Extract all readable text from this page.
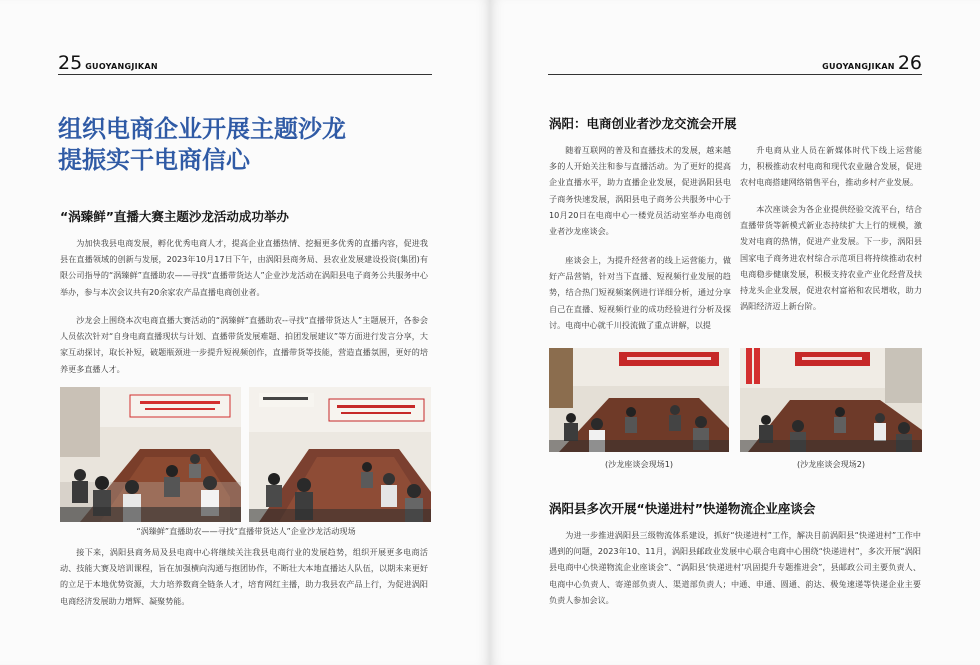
25 GUOYANGJIKAN
组织电商企业开展主题沙龙
提振实干电商信心

“涡臻鲜”直播大赛主题沙龙活动成功举办

为加快我县电商发展，孵化优秀电商人才，提高企业直播热情、挖掘更多优秀的直播内容，促进我县在直播领域的创新与发展，2023年10月17日下午，由涡阳县商务局、县农业发展建设投资(集团)有限公司指导的“涡臻鲜”直播助农——寻找“直播带货达人”企业沙龙活动在涡阳县电子商务公共服务中心举办，参与本次会议共有20余家农产品直播电商创业者。

沙龙会上围绕本次电商直播大赛活动的“涡臻鲜”直播助农--寻找“直播带货达人”主题展开，各参会人员依次针对“自身电商直播现状与计划、直播带货发展难题、拍团发展建议”等方面进行发言分享，大家互动探讨，取长补短，破题瓶颈进一步提升短视频创作，直播带货等技能，营造直播氛围，更好的培养更多直播人才。

“涡臻鲜”直播助农——寻找“直播带货达人”企业沙龙活动现场

接下来，涡阳县商务局及县电商中心将继续关注我县电商行业的发展趋势，组织开展更多电商活动、技能大赛及培训课程，旨在加强横向沟通与抱团协作，不断壮大本地直播达人队伍，以期未来更好的立足于本地优势资源，大力培养数商全链条人才，培育网红主播，助力我县农产品上行，为促进涡阳电商经济发展助力增辉、凝聚势能。

GUOYANGJIKAN 26

涡阳：电商创业者沙龙交流会开展

随着互联网的普及和直播技术的发展，越来越多的人开始关注和参与直播活动。为了更好的提高企业直播水平，助力直播企业发展，促进涡阳县电子商务快速发展，涡阳县电子商务公共服务中心于10月20日在电商中心一楼党员活动室举办电商创业者沙龙座谈会。

座谈会上，为提升经营者的线上运营能力，做好产品营销，针对当下直播、短视频行业发展的趋势，结合热门短视频案例进行详细分析，通过分享自己在直播、短视频行业的成功经验进行分析及探讨。电商中心就千川投流做了重点讲解，以提

升电商从业人员在新媒体时代下线上运营能力，积极推动农村电商和现代农业融合发展，促进农村电商搭建网络销售平台，推动乡村产业发展。

本次座谈会为各企业提供经验交流平台，结合直播带货等新模式新业态持续扩大上行的规模，激发对电商的热情，促进产业发展。下一步，涡阳县国家电子商务进农村综合示范项目将持续推动农村电商稳步健康发展，积极支持农业产业化经营及扶持龙头企业发展，促进农村富裕和农民增收，助力涡阳经济迈上新台阶。

(沙龙座谈会现场1)	(沙龙座谈会现场2)

涡阳县多次开展“快递进村”快递物流企业座谈会

为进一步推进涡阳县三级物流体系建设，抓好“快递进村”工作，解决目前涡阳县“快递进村”工作中遇到的问题，2023年10、11月，涡阳县邮政业发展中心联合电商中心围绕“快递进村”，多次开展“涡阳县电商中心快递物流企业座谈会”、“涡阳县‘快递进村’巩固提升专题推进会”，县邮政公司主要负责人、电商中心负责人、寄递部负责人、渠道部负责人；中通、申通、圆通、韵达、极兔速递等快递企业主要负责人参加会议。
